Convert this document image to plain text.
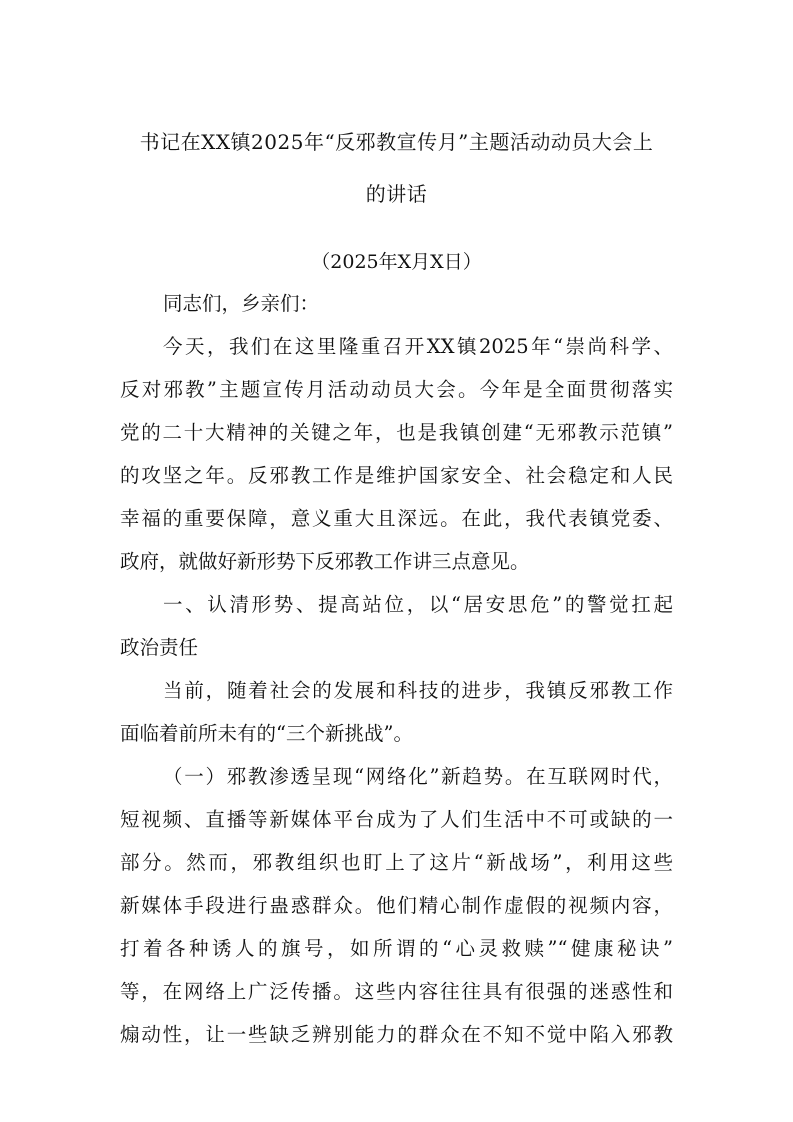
书记在XX镇2025年“反邪教宣传月”主题活动动员大会上
的讲话
（2025年X月X日）
同志们，乡亲们：
今天，我们在这里隆重召开XX镇2025年“崇尚科学、
反对邪教”主题宣传月活动动员大会。今年是全面贯彻落实
党的二十大精神的关键之年，也是我镇创建“无邪教示范镇”
的攻坚之年。反邪教工作是维护国家安全、社会稳定和人民
幸福的重要保障，意义重大且深远。在此，我代表镇党委、
政府，就做好新形势下反邪教工作讲三点意见。
一、认清形势、提高站位，以“居安思危”的警觉扛起
政治责任
当前，随着社会的发展和科技的进步，我镇反邪教工作
面临着前所未有的“三个新挑战”。
（一）邪教渗透呈现“网络化”新趋势。在互联网时代，
短视频、直播等新媒体平台成为了人们生活中不可或缺的一
部分。然而，邪教组织也盯上了这片“新战场”，利用这些
新媒体手段进行蛊惑群众。他们精心制作虚假的视频内容，
打着各种诱人的旗号，如所谓的“心灵救赎”“健康秘诀”
等，在网络上广泛传播。这些内容往往具有很强的迷惑性和
煽动性，让一些缺乏辨别能力的群众在不知不觉中陷入邪教
